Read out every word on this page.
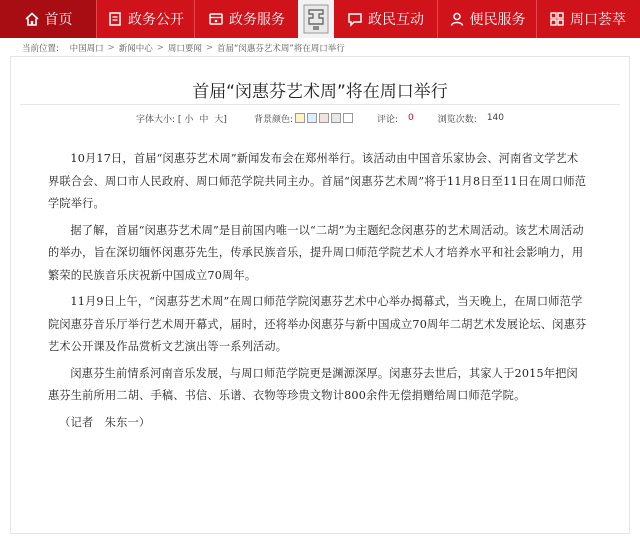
首页	政务公开	政务服务	政民互动	便民服务	周口荟萃
当前位置:
中国周口 > 新闻中心 > 周口要闻 > 首届“闵惠芬艺术周”将在周口举行
首届“闵惠芬艺术周”将在周口举行
字体大小: [ 小 中 大]	背景颜色:	评论: 0	浏览次数: 140

10月17日，首届“闵惠芬艺术周”新闻发布会在郑州举行。该活动由中国音乐家协会、河南省文学艺术界联合会、周口市人民政府、周口师范学院共同主办。首届“闵惠芬艺术周”将于11月8日至11日在周口师范学院举行。

据了解，首届“闵惠芬艺术周”是目前国内唯一以“二胡”为主题纪念闵惠芬的艺术周活动。该艺术周活动的举办，旨在深切缅怀闵惠芬先生，传承民族音乐，提升周口师范学院艺术人才培养水平和社会影响力，用繁荣的民族音乐庆祝新中国成立70周年。

11月9日上午，“闵惠芬艺术周”在周口师范学院闵惠芬艺术中心举办揭幕式，当天晚上，在周口师范学院闵惠芬音乐厅举行艺术周开幕式，届时，还将举办闵惠芬与新中国成立70周年二胡艺术发展论坛、闵惠芬艺术公开课及作品赏析文艺演出等一系列活动。

闵惠芬生前情系河南音乐发展，与周口师范学院更是渊源深厚。闵惠芬去世后，其家人于2015年把闵惠芬生前所用二胡、手稿、书信、乐谱、衣物等珍贵文物计800余件无偿捐赠给周口师范学院。

（记者　朱东一）
